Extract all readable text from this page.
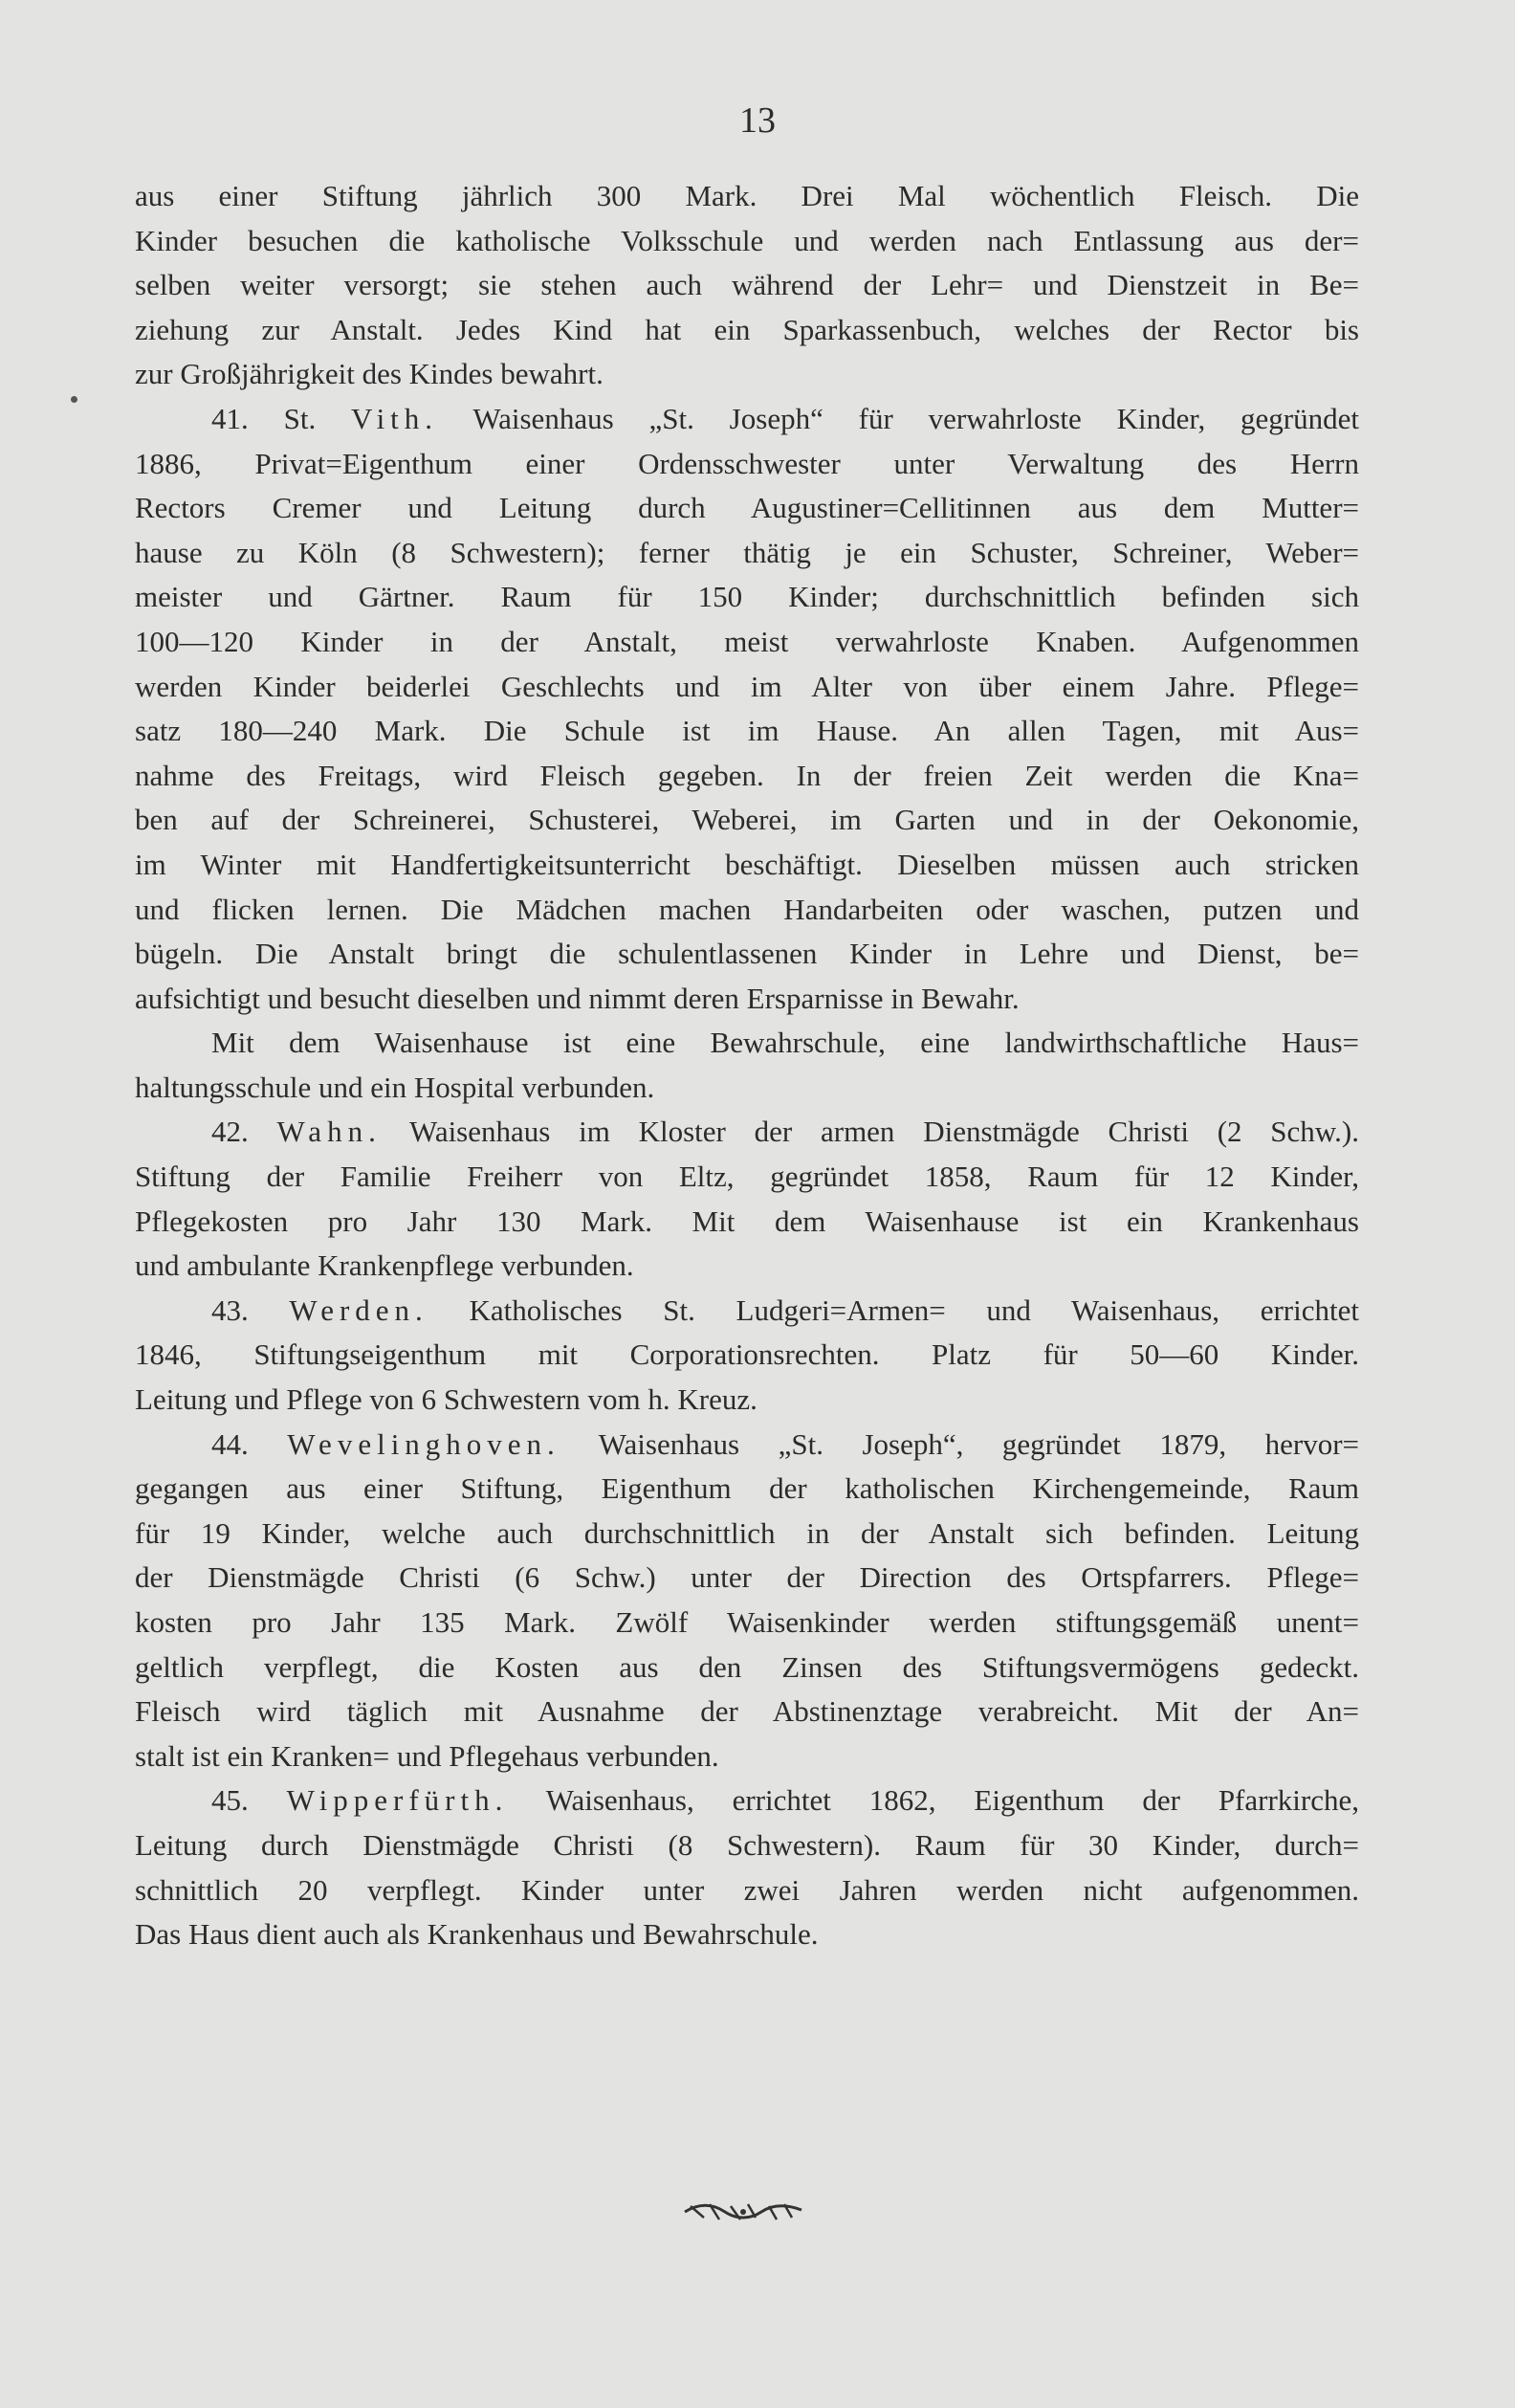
13
aus einer Stiftung jährlich 300 Mark. Drei Mal wöchentlich Fleisch. Die
Kinder besuchen die katholische Volksschule und werden nach Entlassung aus der=
selben weiter versorgt; sie stehen auch während der Lehr= und Dienstzeit in Be=
ziehung zur Anstalt. Jedes Kind hat ein Sparkassenbuch, welches der Rector bis
zur Großjährigkeit des Kindes bewahrt.
41. St. Vith. Waisenhaus „St. Joseph“ für verwahrloste Kinder, gegründet
1886, Privat=Eigenthum einer Ordensschwester unter Verwaltung des Herrn
Rectors Cremer und Leitung durch Augustiner=Cellitinnen aus dem Mutter=
hause zu Köln (8 Schwestern); ferner thätig je ein Schuster, Schreiner, Weber=
meister und Gärtner. Raum für 150 Kinder; durchschnittlich befinden sich
100—120 Kinder in der Anstalt, meist verwahrloste Knaben. Aufgenommen
werden Kinder beiderlei Geschlechts und im Alter von über einem Jahre. Pflege=
satz 180—240 Mark. Die Schule ist im Hause. An allen Tagen, mit Aus=
nahme des Freitags, wird Fleisch gegeben. In der freien Zeit werden die Kna=
ben auf der Schreinerei, Schusterei, Weberei, im Garten und in der Oekonomie,
im Winter mit Handfertigkeitsunterricht beschäftigt. Dieselben müssen auch stricken
und flicken lernen. Die Mädchen machen Handarbeiten oder waschen, putzen und
bügeln. Die Anstalt bringt die schulentlassenen Kinder in Lehre und Dienst, be=
aufsichtigt und besucht dieselben und nimmt deren Ersparnisse in Bewahr.
Mit dem Waisenhause ist eine Bewahrschule, eine landwirthschaftliche Haus=
haltungsschule und ein Hospital verbunden.
42. Wahn. Waisenhaus im Kloster der armen Dienstmägde Christi (2 Schw.).
Stiftung der Familie Freiherr von Eltz, gegründet 1858, Raum für 12 Kinder,
Pflegekosten pro Jahr 130 Mark. Mit dem Waisenhause ist ein Krankenhaus
und ambulante Krankenpflege verbunden.
43. Werden. Katholisches St. Ludgeri=Armen= und Waisenhaus, errichtet
1846, Stiftungseigenthum mit Corporationsrechten. Platz für 50—60 Kinder.
Leitung und Pflege von 6 Schwestern vom h. Kreuz.
44. Wevelinghoven. Waisenhaus „St. Joseph“, gegründet 1879, hervor=
gegangen aus einer Stiftung, Eigenthum der katholischen Kirchengemeinde, Raum
für 19 Kinder, welche auch durchschnittlich in der Anstalt sich befinden. Leitung
der Dienstmägde Christi (6 Schw.) unter der Direction des Ortspfarrers. Pflege=
kosten pro Jahr 135 Mark. Zwölf Waisenkinder werden stiftungsgemäß unent=
geltlich verpflegt, die Kosten aus den Zinsen des Stiftungsvermögens gedeckt.
Fleisch wird täglich mit Ausnahme der Abstinenztage verabreicht. Mit der An=
stalt ist ein Kranken= und Pflegehaus verbunden.
45. Wipperfürth. Waisenhaus, errichtet 1862, Eigenthum der Pfarrkirche,
Leitung durch Dienstmägde Christi (8 Schwestern). Raum für 30 Kinder, durch=
schnittlich 20 verpflegt. Kinder unter zwei Jahren werden nicht aufgenommen.
Das Haus dient auch als Krankenhaus und Bewahrschule.
